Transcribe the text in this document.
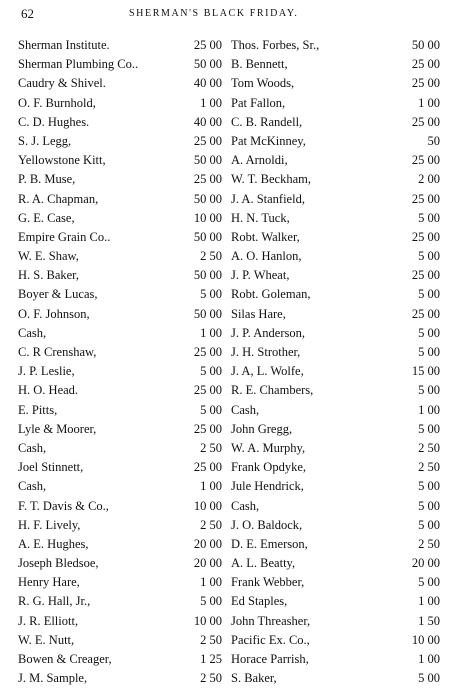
62	SHERMAN'S BLACK FRIDAY.
Sherman Institute.	25 00
Sherman Plumbing Co..	50 00
Caudry & Shivel.	40 00
O. F. Burnhold,	1 00
C. D. Hughes.	40 00
S. J. Legg,	25 00
Yellowstone Kitt,	50 00
P. B. Muse,	25 00
R. A. Chapman,	50 00
G. E. Case,	10 00
Empire Grain Co..	50 00
W. E. Shaw,	2 50
H. S. Baker,	50 00
Boyer & Lucas,	5 00
O. F. Johnson,	50 00
Cash,	1 00
C. R Crenshaw,	25 00
J. P. Leslie,	5 00
H. O. Head.	25 00
E. Pitts,	5 00
Lyle & Moorer,	25 00
Cash,	2 50
Joel Stinnett,	25 00
Cash,	1 00
F. T. Davis & Co.,	10 00
H. F. Lively,	2 50
A. E. Hughes,	20 00
Joseph Bledsoe,	20 00
Henry Hare,	1 00
R. G. Hall, Jr.,	5 00
J. R. Elliott,	10 00
W. E. Nutt,	2 50
Bowen & Creager,	1 25
J. M. Sample,	2 50
Thos. Forbes, Sr.,	50 00
B. Bennett,	25 00
Tom Woods,	25 00
Pat Fallon,	1 00
C. B. Randell,	25 00
Pat McKinney,	50
A. Arnoldi,	25 00
W. T. Beckham,	2 00
J. A. Stanfield,	25 00
H. N. Tuck,	5 00
Robt. Walker,	25 00
A. O. Hanlon,	5 00
J. P. Wheat,	25 00
Robt. Goleman,	5 00
Silas Hare,	25 00
J. P. Anderson,	5 00
J. H. Strother,	5 00
J. A, L. Wolfe,	15 00
R. E. Chambers,	5 00
Cash,	1 00
John Gregg,	5 00
W. A. Murphy,	2 50
Frank Opdyke,	2 50
Jule Hendrick,	5 00
Cash,	5 00
J. O. Baldock,	5 00
D. E. Emerson,	2 50
A. L. Beatty,	20 00
Frank Webber,	5 00
Ed Staples,	1 00
John Threasher,	1 50
Pacific Ex. Co.,	10 00
Horace Parrish,	1 00
S. Baker,	5 00
